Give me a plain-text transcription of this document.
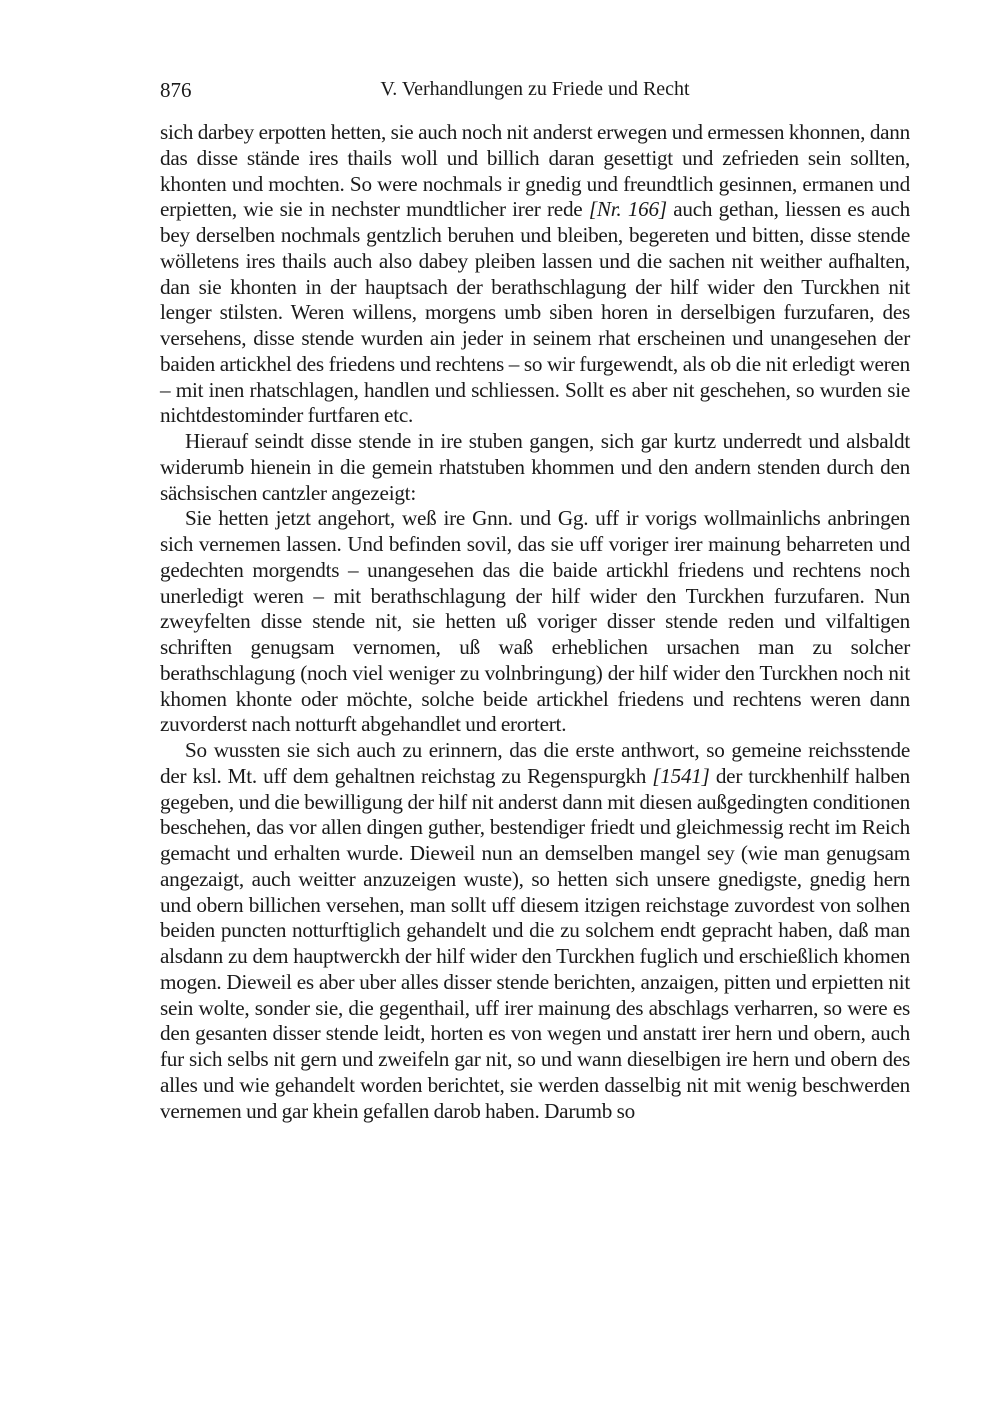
876	V. Verhandlungen zu Friede und Recht

sich darbey erpotten hetten, sie auch noch nit anderst erwegen und ermessen khonnen, dann das disse stände ires thails woll und billich daran gesettigt und zefrieden sein sollten, khonten und mochten. So were nochmals ir gnedig und freundtlich gesinnen, ermanen und erpietten, wie sie in nechster mundtlicher irer rede [Nr. 166] auch gethan, liessen es auch bey derselben nochmals gentzlich beruhen und bleiben, begereten und bitten, disse stende wölletens ires thails auch also dabey pleiben lassen und die sachen nit weither aufhalten, dan sie khonten in der hauptsach der berathschlagung der hilf wider den Turckhen nit lenger stilsten. Weren willens, morgens umb siben horen in derselbigen furzufaren, des versehens, disse stende wurden ain jeder in seinem rhat erscheinen und unangesehen der baiden artickhel des friedens und rechtens – so wir furgewendt, als ob die nit erledigt weren – mit inen rhatschlagen, handlen und schliessen. Sollt es aber nit geschehen, so wurden sie nichtdestominder furtfaren etc.

Hierauf seindt disse stende in ire stuben gangen, sich gar kurtz underredt und alsbaldt widerumb hienein in die gemein rhatstuben khommen und den andern stenden durch den sächsischen cantzler angezeigt:

Sie hetten jetzt angehort, weß ire Gnn. und Gg. uff ir vorigs wollmainlichs anbringen sich vernemen lassen. Und befinden sovil, das sie uff voriger irer mainung beharreten und gedechten morgendts – unangesehen das die baide artickhl friedens und rechtens noch unerledigt weren – mit berathschlagung der hilf wider den Turckhen furzufaren. Nun zweyfelten disse stende nit, sie hetten uß voriger disser stende reden und vilfaltigen schriften genugsam vernomen, uß waß erheblichen ursachen man zu solcher berathschlagung (noch viel weniger zu volnbringung) der hilf wider den Turckhen noch nit khomen khonte oder möchte, solche beide artickhel friedens und rechtens weren dann zuvorderst nach notturft abgehandlet und erortert.

So wussten sie sich auch zu erinnern, das die erste anthwort, so gemeine reichsstende der ksl. Mt. uff dem gehaltnen reichstag zu Regenspurgkh [1541] der turckhenhilf halben gegeben, und die bewilligung der hilf nit anderst dann mit diesen außgedingten conditionen beschehen, das vor allen dingen guther, bestendiger friedt und gleichmessig recht im Reich gemacht und erhalten wurde. Dieweil nun an demselben mangel sey (wie man genugsam angezaigt, auch weitter anzuzeigen wuste), so hetten sich unsere gnedigste, gnedig hern und obern billichen versehen, man sollt uff diesem itzigen reichstage zuvordest von solhen beiden puncten notturftiglich gehandelt und die zu solchem endt gepracht haben, daß man alsdann zu dem hauptwerckh der hilf wider den Turckhen fuglich und erschießlich khomen mogen. Dieweil es aber uber alles disser stende berichten, anzaigen, pitten und erpietten nit sein wolte, sonder sie, die gegenthail, uff irer mainung des abschlags verharren, so were es den gesanten disser stende leidt, horten es von wegen und anstatt irer hern und obern, auch fur sich selbs nit gern und zweifeln gar nit, so und wann dieselbigen ire hern und obern des alles und wie gehandelt worden berichtet, sie werden dasselbig nit mit wenig beschwerden vernemen und gar khein gefallen darob haben. Darumb so
